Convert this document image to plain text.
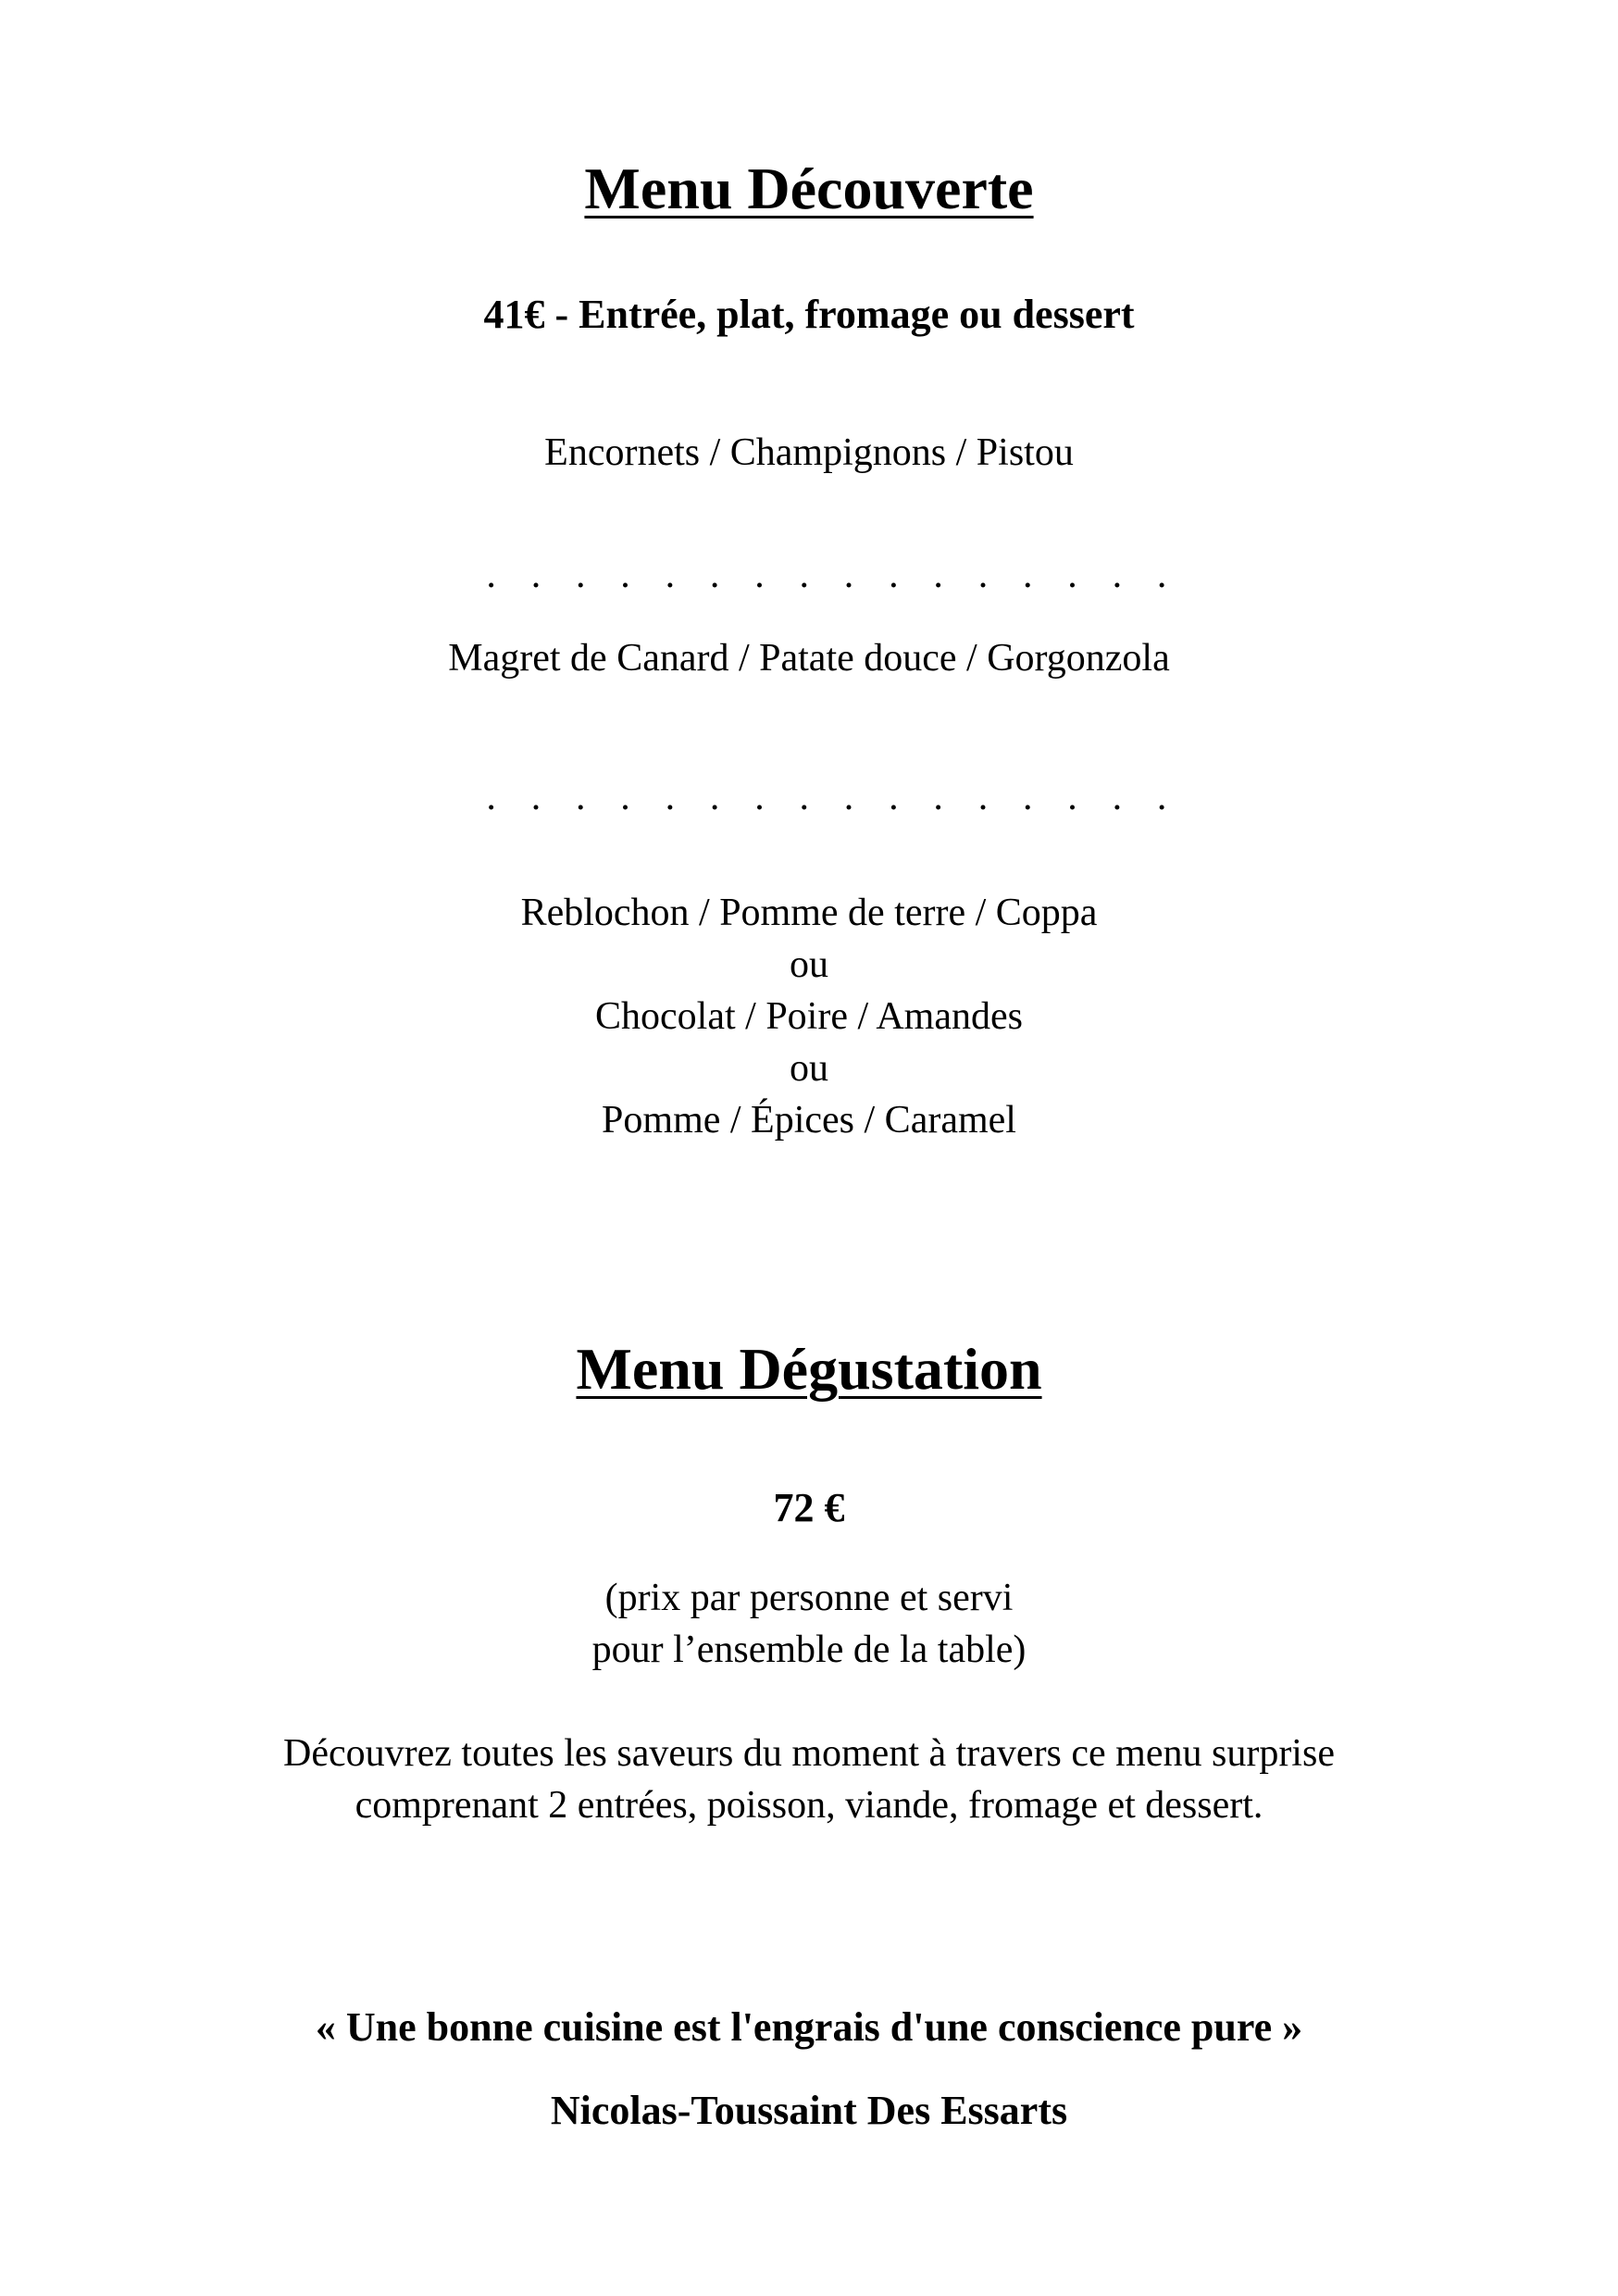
Menu Découverte
41€ - Entrée, plat, fromage ou dessert
Encornets / Champignons / Pistou
................
Magret de Canard / Patate douce / Gorgonzola
................
Reblochon / Pomme de terre / Coppa
ou
Chocolat / Poire / Amandes
ou
Pomme / Épices / Caramel
Menu Dégustation
72 €
(prix par personne et servi
pour l’ensemble de la table)
Découvrez toutes les saveurs du moment à travers ce menu surprise
comprenant 2 entrées, poisson, viande, fromage et dessert.
« Une bonne cuisine est l'engrais d'une conscience pure »
Nicolas-Toussaint Des Essarts
